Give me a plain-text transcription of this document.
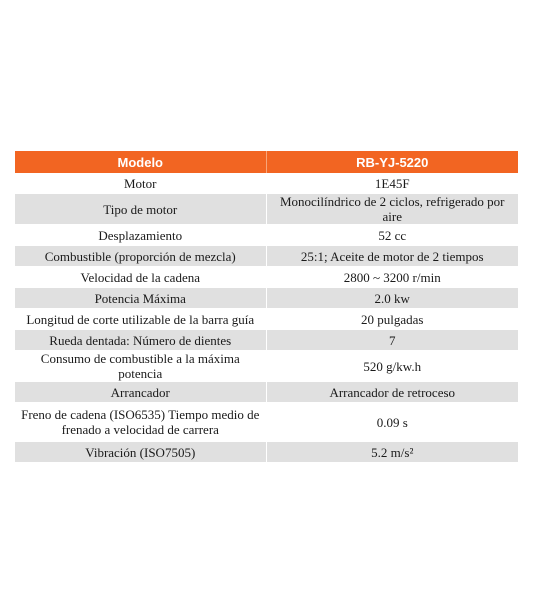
Modelo	RB-YJ-5220
Motor	1E45F
Tipo de motor	Monocilíndrico de 2 ciclos, refrigerado por aire
Desplazamiento	52 cc
Combustible (proporción de mezcla)	25:1; Aceite de motor de 2 tiempos
Velocidad de la cadena	2800 ~ 3200 r/min
Potencia Máxima	2.0 kw
Longitud de corte utilizable de la barra guía	20 pulgadas
Rueda dentada: Número de dientes	7
Consumo de combustible a la máxima potencia	520 g/kw.h
Arrancador	Arrancador de retroceso
Freno de cadena (ISO6535) Tiempo medio de frenado a velocidad de carrera	0.09 s
Vibración (ISO7505)	5.2 m/s²
